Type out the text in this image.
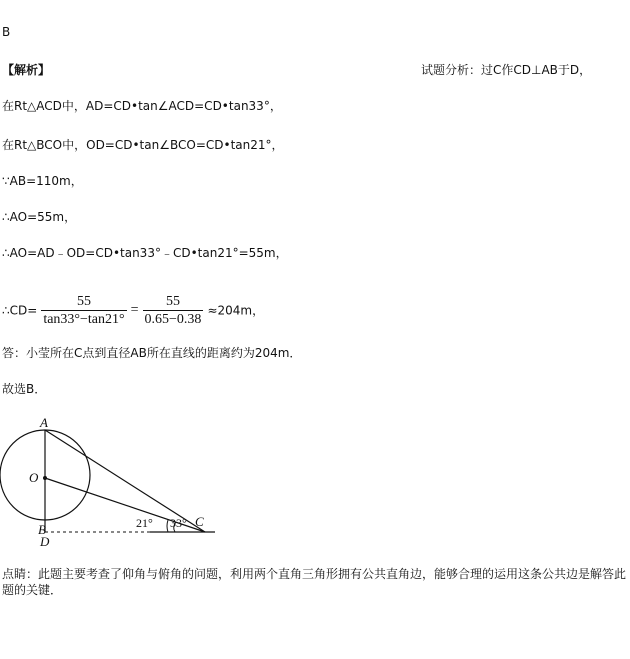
B
【解析】	试题分析：过C作CD⊥AB于D，
在Rt△ACD中，AD=CD•tan∠ACD=CD•tan33°，
在Rt△BCO中，OD=CD•tan∠BCO=CD•tan21°，
∵AB=110m，
∴AO=55m，
∴AO=AD﹣OD=CD•tan33°﹣CD•tan21°=55m，
∴CD= $\frac{55}{\tan 33^\circ-\tan 21^\circ} = \frac{55}{0.65-0.38} \approx 204m$，
答：小莹所在C点到直径AB所在直线的距离约为204m．
故选B．
A
O
B
D
C
21° 33°
点睛：此题主要考查了仰角与俯角的问题，利用两个直角三角形拥有公共直角边，能够合理的运用这条公共边是解答此题的关键．
